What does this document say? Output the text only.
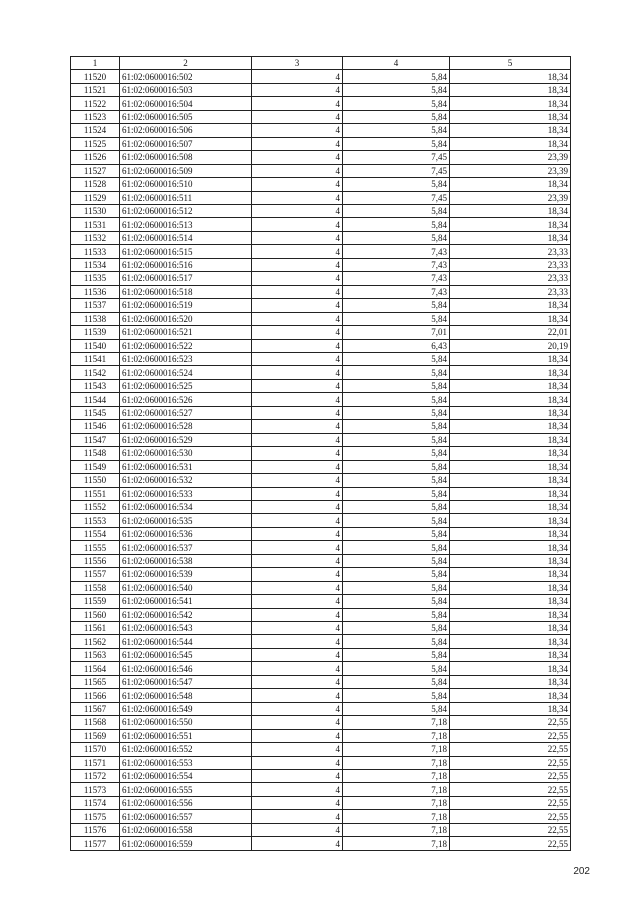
1	2	3	4	5
11520	61:02:0600016:502	4	5,84	18,34
11521	61:02:0600016:503	4	5,84	18,34
11522	61:02:0600016:504	4	5,84	18,34
11523	61:02:0600016:505	4	5,84	18,34
11524	61:02:0600016:506	4	5,84	18,34
11525	61:02:0600016:507	4	5,84	18,34
11526	61:02:0600016:508	4	7,45	23,39
11527	61:02:0600016:509	4	7,45	23,39
11528	61:02:0600016:510	4	5,84	18,34
11529	61:02:0600016:511	4	7,45	23,39
11530	61:02:0600016:512	4	5,84	18,34
11531	61:02:0600016:513	4	5,84	18,34
11532	61:02:0600016:514	4	5,84	18,34
11533	61:02:0600016:515	4	7,43	23,33
11534	61:02:0600016:516	4	7,43	23,33
11535	61:02:0600016:517	4	7,43	23,33
11536	61:02:0600016:518	4	7,43	23,33
11537	61:02:0600016:519	4	5,84	18,34
11538	61:02:0600016:520	4	5,84	18,34
11539	61:02:0600016:521	4	7,01	22,01
11540	61:02:0600016:522	4	6,43	20,19
11541	61:02:0600016:523	4	5,84	18,34
11542	61:02:0600016:524	4	5,84	18,34
11543	61:02:0600016:525	4	5,84	18,34
11544	61:02:0600016:526	4	5,84	18,34
11545	61:02:0600016:527	4	5,84	18,34
11546	61:02:0600016:528	4	5,84	18,34
11547	61:02:0600016:529	4	5,84	18,34
11548	61:02:0600016:530	4	5,84	18,34
11549	61:02:0600016:531	4	5,84	18,34
11550	61:02:0600016:532	4	5,84	18,34
11551	61:02:0600016:533	4	5,84	18,34
11552	61:02:0600016:534	4	5,84	18,34
11553	61:02:0600016:535	4	5,84	18,34
11554	61:02:0600016:536	4	5,84	18,34
11555	61:02:0600016:537	4	5,84	18,34
11556	61:02:0600016:538	4	5,84	18,34
11557	61:02:0600016:539	4	5,84	18,34
11558	61:02:0600016:540	4	5,84	18,34
11559	61:02:0600016:541	4	5,84	18,34
11560	61:02:0600016:542	4	5,84	18,34
11561	61:02:0600016:543	4	5,84	18,34
11562	61:02:0600016:544	4	5,84	18,34
11563	61:02:0600016:545	4	5,84	18,34
11564	61:02:0600016:546	4	5,84	18,34
11565	61:02:0600016:547	4	5,84	18,34
11566	61:02:0600016:548	4	5,84	18,34
11567	61:02:0600016:549	4	5,84	18,34
11568	61:02:0600016:550	4	7,18	22,55
11569	61:02:0600016:551	4	7,18	22,55
11570	61:02:0600016:552	4	7,18	22,55
11571	61:02:0600016:553	4	7,18	22,55
11572	61:02:0600016:554	4	7,18	22,55
11573	61:02:0600016:555	4	7,18	22,55
11574	61:02:0600016:556	4	7,18	22,55
11575	61:02:0600016:557	4	7,18	22,55
11576	61:02:0600016:558	4	7,18	22,55
11577	61:02:0600016:559	4	7,18	22,55
202
